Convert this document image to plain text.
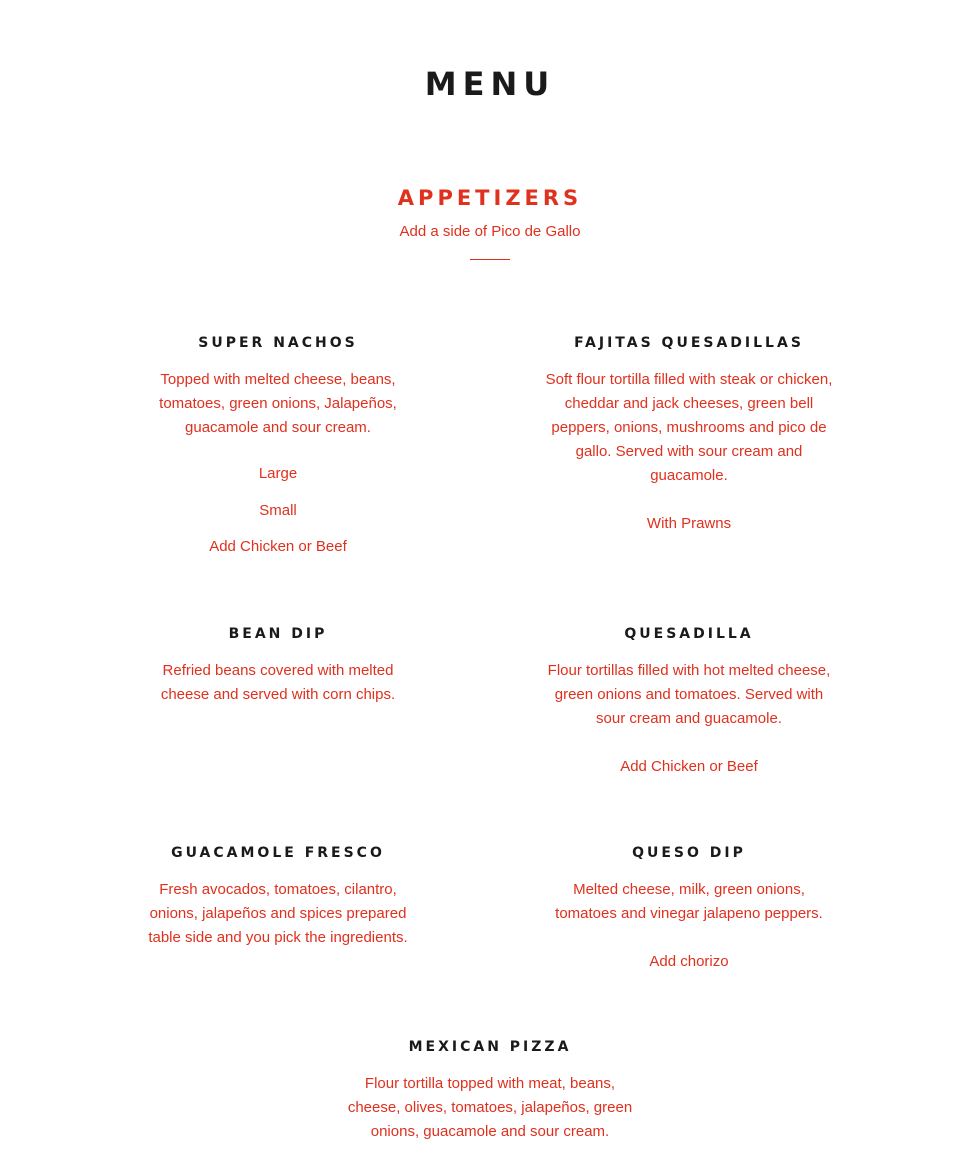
MENU
APPETIZERS
Add a side of Pico de Gallo
SUPER NACHOS

Topped with melted cheese, beans, tomatoes, green onions, Jalapeños, guacamole and sour cream.

Large
Small
Add Chicken or Beef
FAJITAS QUESADILLAS

Soft flour tortilla filled with steak or chicken, cheddar and jack cheeses, green bell peppers, onions, mushrooms and pico de gallo. Served with sour cream and guacamole.

With Prawns
BEAN DIP

Refried beans covered with melted cheese and served with corn chips.

QUESADILLA

Flour tortillas filled with hot melted cheese, green onions and tomatoes. Served with sour cream and guacamole.

Add Chicken or Beef
GUACAMOLE FRESCO

Fresh avocados, tomatoes, cilantro, onions, jalapeños and spices prepared table side and you pick the ingredients.

QUESO DIP

Melted cheese, milk, green onions, tomatoes and vinegar jalapeno peppers.

Add chorizo
MEXICAN PIZZA

Flour tortilla topped with meat, beans, cheese, olives, tomatoes, jalapeños, green onions, guacamole and sour cream.
